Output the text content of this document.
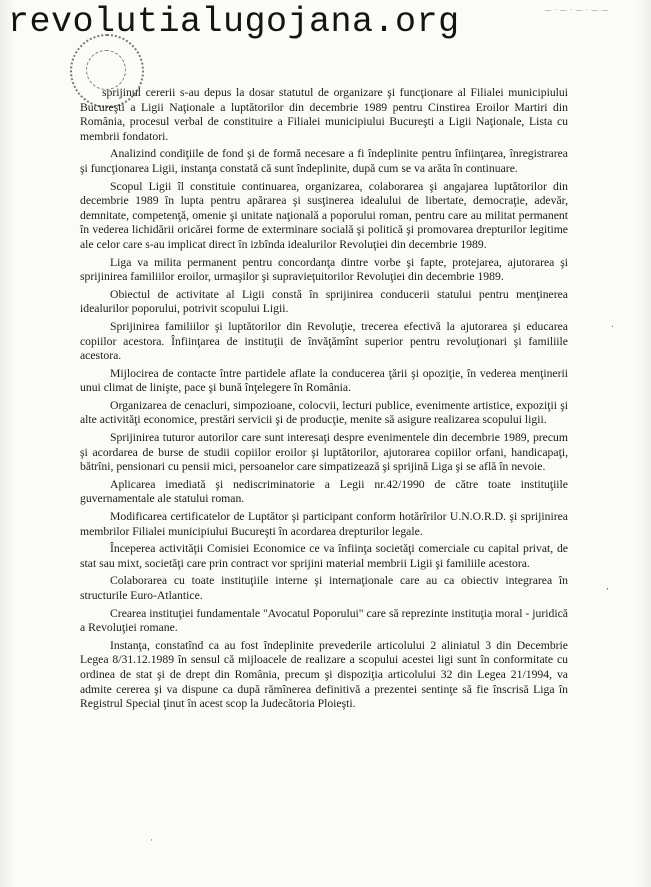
revolutialugojana.org	— · — · — · — —

sprijinul cererii s-au depus la dosar statutul de organizare şi funcţionare al Filialei municipiului Bucureşti a Ligii Naţionale a luptătorilor din decembrie 1989 pentru Cinstirea Eroilor Martiri din România, procesul verbal de constituire a Filialei municipiului Bucureşti a Ligii Naţionale, Lista cu membrii fondatori.

Analizind condiţiile de fond şi de formă necesare a fi îndeplinite pentru înfiinţarea, înregistrarea şi funcţionarea Ligii, instanţa constată că sunt îndeplinite, după cum se va arăta în continuare.

Scopul Ligii îl constituie continuarea, organizarea, colaborarea şi angajarea luptătorilor din decembrie 1989 în lupta pentru apărarea şi susţinerea idealului de libertate, democraţie, adevăr, demnitate, competenţă, omenie şi unitate naţională a poporului roman, pentru care au militat permanent în vederea lichidării oricărei forme de exterminare socială şi politică şi promovarea drepturilor legitime ale celor care s-au implicat direct în izbînda idealurilor Revoluţiei din decembrie 1989.

Liga va milita permanent pentru concordanţa dintre vorbe şi fapte, protejarea, ajutorarea şi sprijinirea familiilor eroilor, urmaşilor şi supravieţuitorilor Revoluţiei din decembrie 1989.

Obiectul de activitate al Ligii constă în sprijinirea conducerii statului pentru menţinerea idealurilor poporului, potrivit scopului Ligii.

Sprijinirea familiilor şi luptătorilor din Revoluţie, trecerea efectivă la ajutorarea şi educarea copiilor acestora. Înfiinţarea de instituţii de învăţămînt superior pentru revoluţionari şi familiile acestora.

Mijlocirea de contacte între partidele aflate la conducerea ţării şi opoziţie, în vederea menţinerii unui climat de linişte, pace şi bună înţelegere în România.

Organizarea de cenacluri, simpozioane, colocvii, lecturi publice, evenimente artistice, expoziţii şi alte activităţi economice, prestări servicii şi de producţie, menite să asigure realizarea scopului ligii.

Sprijinirea tuturor autorilor care sunt interesaţi despre evenimentele din decembrie 1989, precum şi acordarea de burse de studii copiilor eroilor şi luptătorilor, ajutorarea copiilor orfani, handicapaţi, bătrîni, pensionari cu pensii mici, persoanelor care simpatizează şi sprijină Liga şi se află în nevoie.

Aplicarea imediată şi nediscriminatorie a Legii nr.42/1990 de către toate instituţiile guvernamentale ale statului roman.

Modificarea certificatelor de Luptător şi participant conform hotărîrilor U.N.O.R.D. şi sprijinirea membrilor Filialei municipiului Bucureşti în acordarea drepturilor legale.

Începerea activităţii Comisiei Economice ce va înfiinţa societăţi comerciale cu capital privat, de stat sau mixt, societăţi care prin contract vor sprijini material membrii Ligii şi familiile acestora.

Colaborarea cu toate instituţiile interne şi internaţionale care au ca obiectiv integrarea în structurile Euro-Atlantice.

Crearea instituţiei fundamentale "Avocatul Poporului" care să reprezinte instituţia moral - juridică a Revoluţiei romane.

Instanţa, constatînd ca au fost îndeplinite prevederile articolului 2 aliniatul 3 din Decembrie Legea 8/31.12.1989 în sensul că mijloacele de realizare a scopului acestei ligi sunt în conformitate cu ordinea de stat şi de drept din România, precum şi dispoziţia articolului 32 din Legea 21/1994, va admite cererea şi va dispune ca după rămînerea definitivă a prezentei sentinţe să fie înscrisă Liga în Registrul Special ţinut în acest scop la Judecătoria Ploieşti.

·
,
·
